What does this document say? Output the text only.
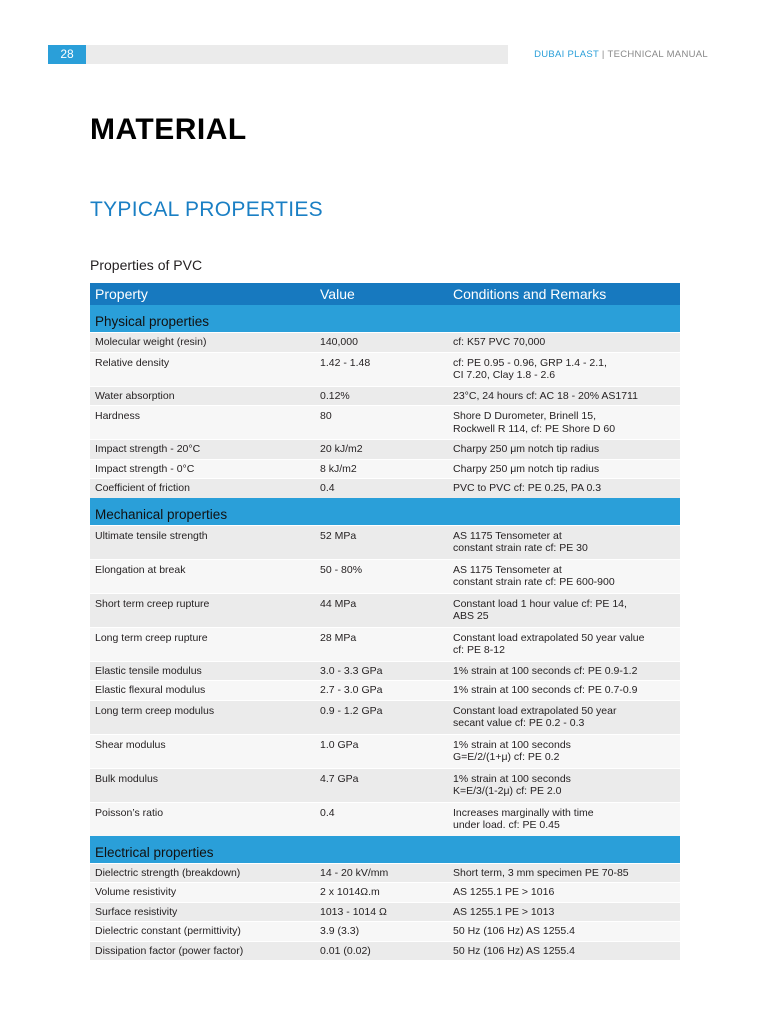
28	DUBAI PLAST | TECHNICAL MANUAL
MATERIAL
TYPICAL PROPERTIES
Properties of PVC
Property	Value	Conditions and Remarks
Physical properties
Molecular weight (resin)	140,000	cf: K57 PVC 70,000
Relative density	1.42 - 1.48	cf: PE 0.95 - 0.96, GRP 1.4 - 2.1,
CI 7.20, Clay 1.8 - 2.6
Water absorption	0.12%	23°C, 24 hours cf: AC 18 - 20% AS1711
Hardness	80	Shore D Durometer, Brinell 15,
Rockwell R 114, cf: PE Shore D 60
Impact strength - 20°C	20 kJ/m2	Charpy 250 μm notch tip radius
Impact strength - 0°C	8 kJ/m2	Charpy 250 μm notch tip radius
Coefficient of friction	0.4	PVC to PVC cf: PE 0.25, PA 0.3
Mechanical properties
Ultimate tensile strength	52 MPa	AS 1175 Tensometer at
constant strain rate cf: PE 30
Elongation at break	50 - 80%	AS 1175 Tensometer at
constant strain rate cf: PE 600-900
Short term creep rupture	44 MPa	Constant load 1 hour value cf: PE 14,
ABS 25
Long term creep rupture	28 MPa	Constant load extrapolated 50 year value
cf: PE 8-12
Elastic tensile modulus	3.0 - 3.3 GPa	1% strain at 100 seconds cf: PE 0.9-1.2
Elastic flexural modulus	2.7 - 3.0 GPa	1% strain at 100 seconds cf: PE 0.7-0.9
Long term creep modulus	0.9 - 1.2 GPa	Constant load extrapolated 50 year
secant value cf: PE 0.2 - 0.3
Shear modulus	1.0 GPa	1% strain at 100 seconds
G=E/2/(1+μ) cf: PE 0.2
Bulk modulus	4.7 GPa	1% strain at 100 seconds
K=E/3/(1-2μ) cf: PE 2.0
Poisson’s ratio	0.4	Increases marginally with time
under load. cf: PE 0.45
Electrical properties
Dielectric strength (breakdown)	14 - 20 kV/mm	Short term, 3 mm specimen PE 70-85
Volume resistivity	2 x 1014Ω.m	AS 1255.1 PE > 1016
Surface resistivity	1013 - 1014 Ω	AS 1255.1 PE > 1013
Dielectric constant (permittivity)	3.9 (3.3)	50 Hz (106 Hz) AS 1255.4
Dissipation factor (power factor)	0.01 (0.02)	50 Hz (106 Hz) AS 1255.4
